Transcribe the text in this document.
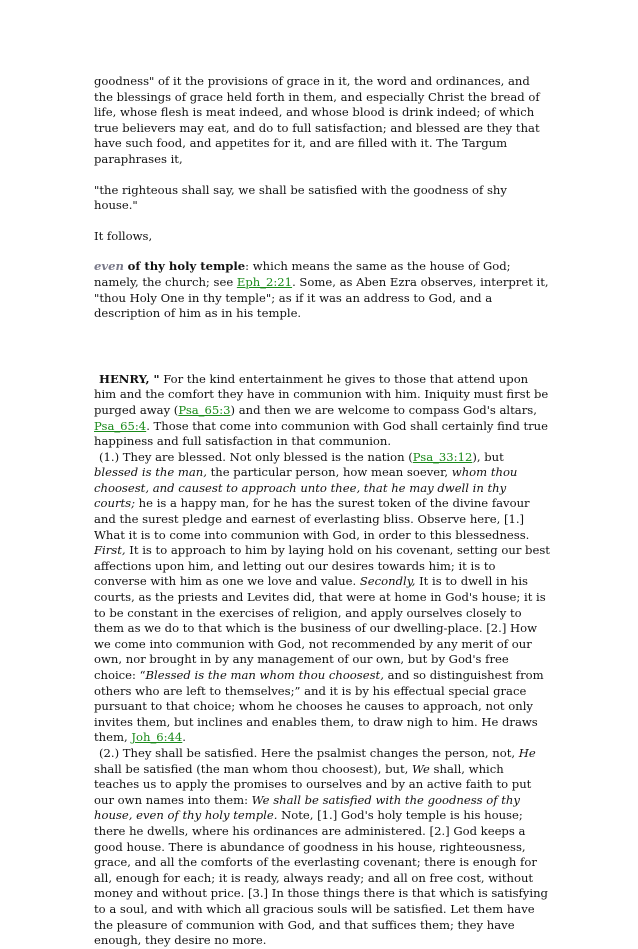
goodness" of it the provisions of grace in it, the word and ordinances, and the blessings of grace held forth in them, and especially Christ the bread of life, whose flesh is meat indeed, and whose blood is drink indeed; of which true believers may eat, and do to full satisfaction; and blessed are they that have such food, and appetites for it, and are filled with it. The Targum paraphrases it,

"the righteous shall say, we shall be satisfied with the goodness of shy house."

It follows,

even of thy holy temple: which means the same as the house of God; namely, the church; see Eph_2:21. Some, as Aben Ezra observes, interpret it, "thou Holy One in thy temple"; as if it was an address to God, and a description of him as in his temple.

HENRY, " For the kind entertainment he gives to those that attend upon him and the comfort they have in communion with him. Iniquity must first be purged away (Psa_65:3) and then we are welcome to compass God's altars, Psa_65:4. Those that come into communion with God shall certainly find true happiness and full satisfaction in that communion.

(1.) They are blessed. Not only blessed is the nation (Psa_33:12), but blessed is the man, the particular person, how mean soever, whom thou choosest, and causest to approach unto thee, that he may dwell in thy courts; he is a happy man, for he has the surest token of the divine favour and the surest pledge and earnest of everlasting bliss. Observe here, [1.] What it is to come into communion with God, in order to this blessedness. First, It is to approach to him by laying hold on his covenant, setting our best affections upon him, and letting out our desires towards him; it is to converse with him as one we love and value. Secondly, It is to dwell in his courts, as the priests and Levites did, that were at home in God's house; it is to be constant in the exercises of religion, and apply ourselves closely to them as we do to that which is the business of our dwelling-place. [2.] How we come into communion with God, not recommended by any merit of our own, nor brought in by any management of our own, but by God's free choice: “Blessed is the man whom thou choosest, and so distinguishest from others who are left to themselves;” and it is by his effectual special grace pursuant to that choice; whom he chooses he causes to approach, not only invites them, but inclines and enables them, to draw nigh to him. He draws them, Joh_6:44.

(2.) They shall be satisfied. Here the psalmist changes the person, not, He shall be satisfied (the man whom thou choosest), but, We shall, which teaches us to apply the promises to ourselves and by an active faith to put our own names into them: We shall be satisfied with the goodness of thy house, even of thy holy temple. Note, [1.] God's holy temple is his house; there he dwells, where his ordinances are administered. [2.] God keeps a good house. There is abundance of goodness in his house, righteousness, grace, and all the comforts of the everlasting covenant; there is enough for all, enough for each; it is ready, always ready; and all on free cost, without money and without price. [3.] In those things there is that which is satisfying to a soul, and with which all gracious souls will be satisfied. Let them have the pleasure of communion with God, and that suffices them; they have enough, they desire no more.
